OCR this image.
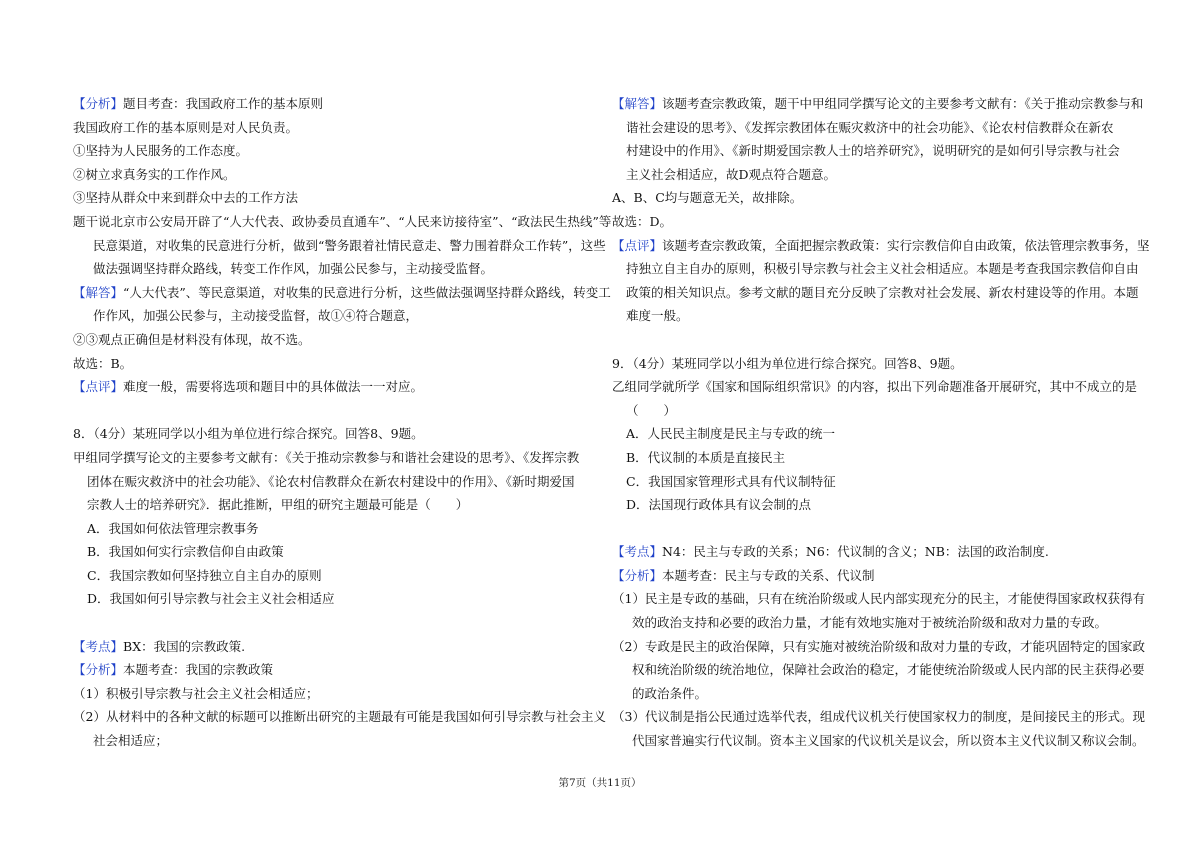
【分析】题目考查：我国政府工作的基本原则
我国政府工作的基本原则是对人民负责。
①坚持为人民服务的工作态度。
②树立求真务实的工作作风。
③坚持从群众中来到群众中去的工作方法
题干说北京市公安局开辟了“人大代表、政协委员直通车”、“人民来访接待室”、“政法民生热线”等
民意渠道，对收集的民意进行分析，做到“警务跟着社情民意走、警力围着群众工作转”，这些
做法强调坚持群众路线，转变工作作风，加强公民参与，主动接受监督。
【解答】“人大代表”、等民意渠道，对收集的民意进行分析，这些做法强调坚持群众路线，转变工
作作风，加强公民参与，主动接受监督，故①④符合题意，
②③观点正确但是材料没有体现，故不选。
故选：B。
【点评】难度一般，需要将选项和题目中的具体做法一一对应。
8．（4分）某班同学以小组为单位进行综合探究。回答8、9题。
甲组同学撰写论文的主要参考文献有：《关于推动宗教参与和谐社会建设的思考》、《发挥宗教
团体在赈灾救济中的社会功能》、《论农村信教群众在新农村建设中的作用》、《新时期爱国
宗教人士的培养研究》．据此推断，甲组的研究主题最可能是（　　）
A．我国如何依法管理宗教事务
B．我国如何实行宗教信仰自由政策
C．我国宗教如何坚持独立自主自办的原则
D．我国如何引导宗教与社会主义社会相适应
【考点】BX：我国的宗教政策.
【分析】本题考查：我国的宗教政策
（1）积极引导宗教与社会主义社会相适应；
（2）从材料中的各种文献的标题可以推断出研究的主题最有可能是我国如何引导宗教与社会主义
社会相适应；
【解答】该题考查宗教政策，题干中甲组同学撰写论文的主要参考文献有：《关于推动宗教参与和
谐社会建设的思考》、《发挥宗教团体在赈灾救济中的社会功能》、《论农村信教群众在新农
村建设中的作用》、《新时期爱国宗教人士的培养研究》，说明研究的是如何引导宗教与社会
主义社会相适应，故D观点符合题意。
A、B、C均与题意无关，故排除。
故选：D。
【点评】该题考查宗教政策，全面把握宗教政策：实行宗教信仰自由政策，依法管理宗教事务，坚
持独立自主自办的原则，积极引导宗教与社会主义社会相适应。本题是考查我国宗教信仰自由
政策的相关知识点。参考文献的题目充分反映了宗教对社会发展、新农村建设等的作用。本题
难度一般。
9．（4分）某班同学以小组为单位进行综合探究。回答8、9题。
乙组同学就所学《国家和国际组织常识》的内容，拟出下列命题准备开展研究，其中不成立的是
（　　）
A．人民民主制度是民主与专政的统一
B．代议制的本质是直接民主
C．我国国家管理形式具有代议制特征
D．法国现行政体具有议会制的点
【考点】N4：民主与专政的关系；N6：代议制的含义；NB：法国的政治制度.
【分析】本题考查：民主与专政的关系、代议制
（1）民主是专政的基础，只有在统治阶级或人民内部实现充分的民主，才能使得国家政权获得有
效的政治支持和必要的政治力量，才能有效地实施对于被统治阶级和敌对力量的专政。
（2）专政是民主的政治保障，只有实施对被统治阶级和敌对力量的专政，才能巩固特定的国家政
权和统治阶级的统治地位，保障社会政治的稳定，才能使统治阶级或人民内部的民主获得必要
的政治条件。
（3）代议制是指公民通过选举代表，组成代议机关行使国家权力的制度，是间接民主的形式。现
代国家普遍实行代议制。资本主义国家的代议机关是议会，所以资本主义代议制又称议会制。
第7页（共11页）
